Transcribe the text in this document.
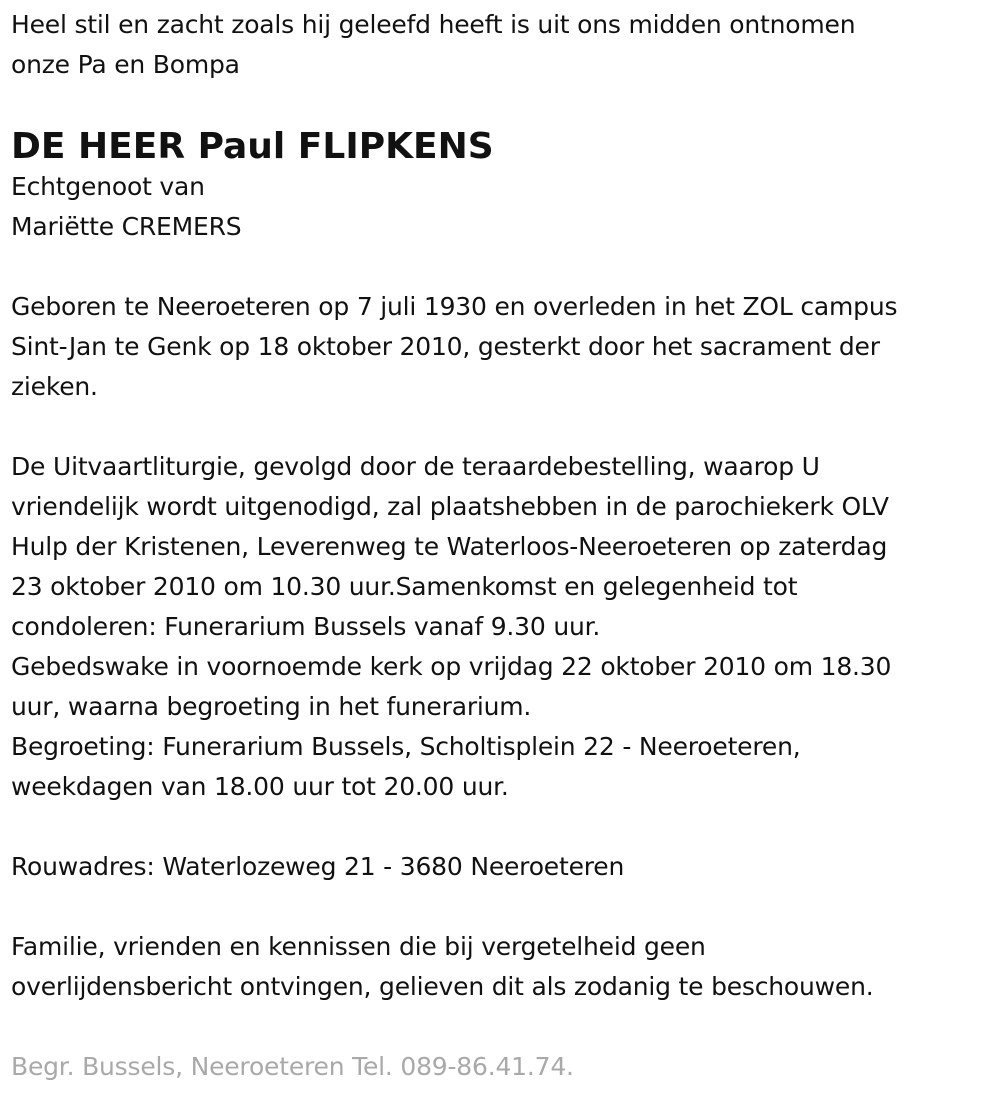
Heel stil en zacht zoals hij geleefd heeft is uit ons midden ontnomen
onze Pa en Bompa
DE HEER Paul FLIPKENS
Echtgenoot van
Mariëtte CREMERS
Geboren te Neeroeteren op 7 juli 1930 en overleden in het ZOL campus
Sint-Jan te Genk op 18 oktober 2010, gesterkt door het sacrament der
zieken.
De Uitvaartliturgie, gevolgd door de teraardebestelling, waarop U
vriendelijk wordt uitgenodigd, zal plaatshebben in de parochiekerk OLV
Hulp der Kristenen, Leverenweg te Waterloos-Neeroeteren op zaterdag
23 oktober 2010 om 10.30 uur.Samenkomst en gelegenheid tot
condoleren: Funerarium Bussels vanaf 9.30 uur.
Gebedswake in voornoemde kerk op vrijdag 22 oktober 2010 om 18.30
uur, waarna begroeting in het funerarium.
Begroeting: Funerarium Bussels, Scholtisplein 22 - Neeroeteren,
weekdagen van 18.00 uur tot 20.00 uur.
Rouwadres: Waterlozeweg 21 - 3680 Neeroeteren
Familie, vrienden en kennissen die bij vergetelheid geen
overlijdensbericht ontvingen, gelieven dit als zodanig te beschouwen.
Begr. Bussels, Neeroeteren Tel. 089-86.41.74.
